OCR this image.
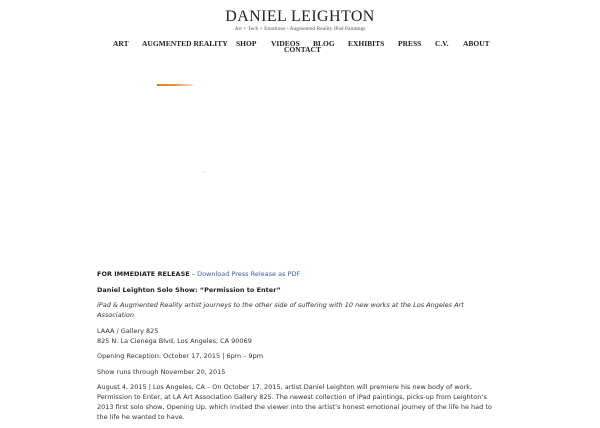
DANIEL LEIGHTON
Art + Tech + Emotions - Augmented Reality iPad Paintings
ART AUGMENTED REALITY SHOP VIDEOS BLOG EXHIBITS PRESS C.V. ABOUT
CONTACT

FOR IMMEDIATE RELEASE – Download Press Release as PDF

Daniel Leighton Solo Show: “Permission to Enter”

iPad & Augmented Reality artist journeys to the other side of suffering with 10 new works at the Los Angeles Art Association

LAAA / Gallery 825
825 N. La Cienega Blvd, Los Angeles, CA 90069

Opening Reception: October 17, 2015 | 6pm – 9pm

Show runs through November 20, 2015

August 4, 2015 | Los Angeles, CA – On October 17, 2015, artist Daniel Leighton will premiere his new body of work, Permission to Enter, at LA Art Association Gallery 825. The newest collection of iPad paintings, picks-up from Leighton’s 2013 first solo show, Opening Up, which invited the viewer into the artist’s honest emotional journey of the life he had to the life he wanted to have.
